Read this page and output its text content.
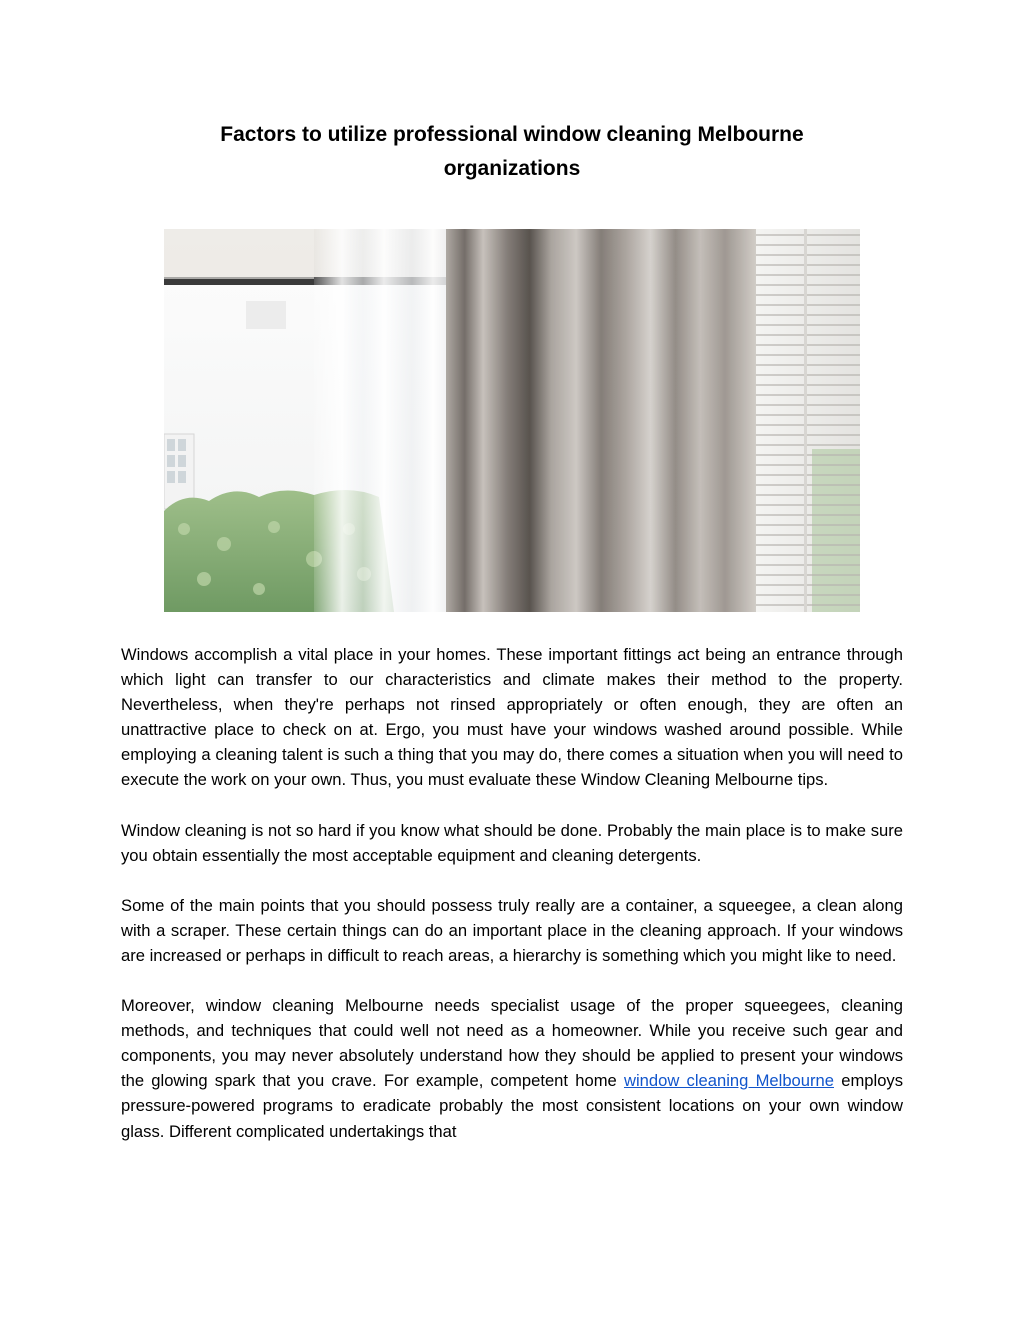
Factors to utilize professional window cleaning Melbourne organizations

Windows accomplish a vital place in your homes. These important fittings act being an entrance through which light can transfer to our characteristics and climate makes their method to the property. Nevertheless, when they're perhaps not rinsed appropriately or often enough, they are often an unattractive place to check on at. Ergo, you must have your windows washed around possible. While employing a cleaning talent is such a thing that you may do, there comes a situation when you will need to execute the work on your own. Thus, you must evaluate these Window Cleaning Melbourne tips.

Window cleaning is not so hard if you know what should be done. Probably the main place is to make sure you obtain essentially the most acceptable equipment and cleaning detergents.

Some of the main points that you should possess truly really are a container, a squeegee, a clean along with a scraper. These certain things can do an important place in the cleaning approach. If your windows are increased or perhaps in difficult to reach areas, a hierarchy is something which you might like to need.

Moreover, window cleaning Melbourne needs specialist usage of the proper squeegees, cleaning methods, and techniques that could well not need as a homeowner. While you receive such gear and components, you may never absolutely understand how they should be applied to present your windows the glowing spark that you crave. For example, competent home window cleaning Melbourne employs pressure-powered programs to eradicate probably the most consistent locations on your own window glass. Different complicated undertakings that
